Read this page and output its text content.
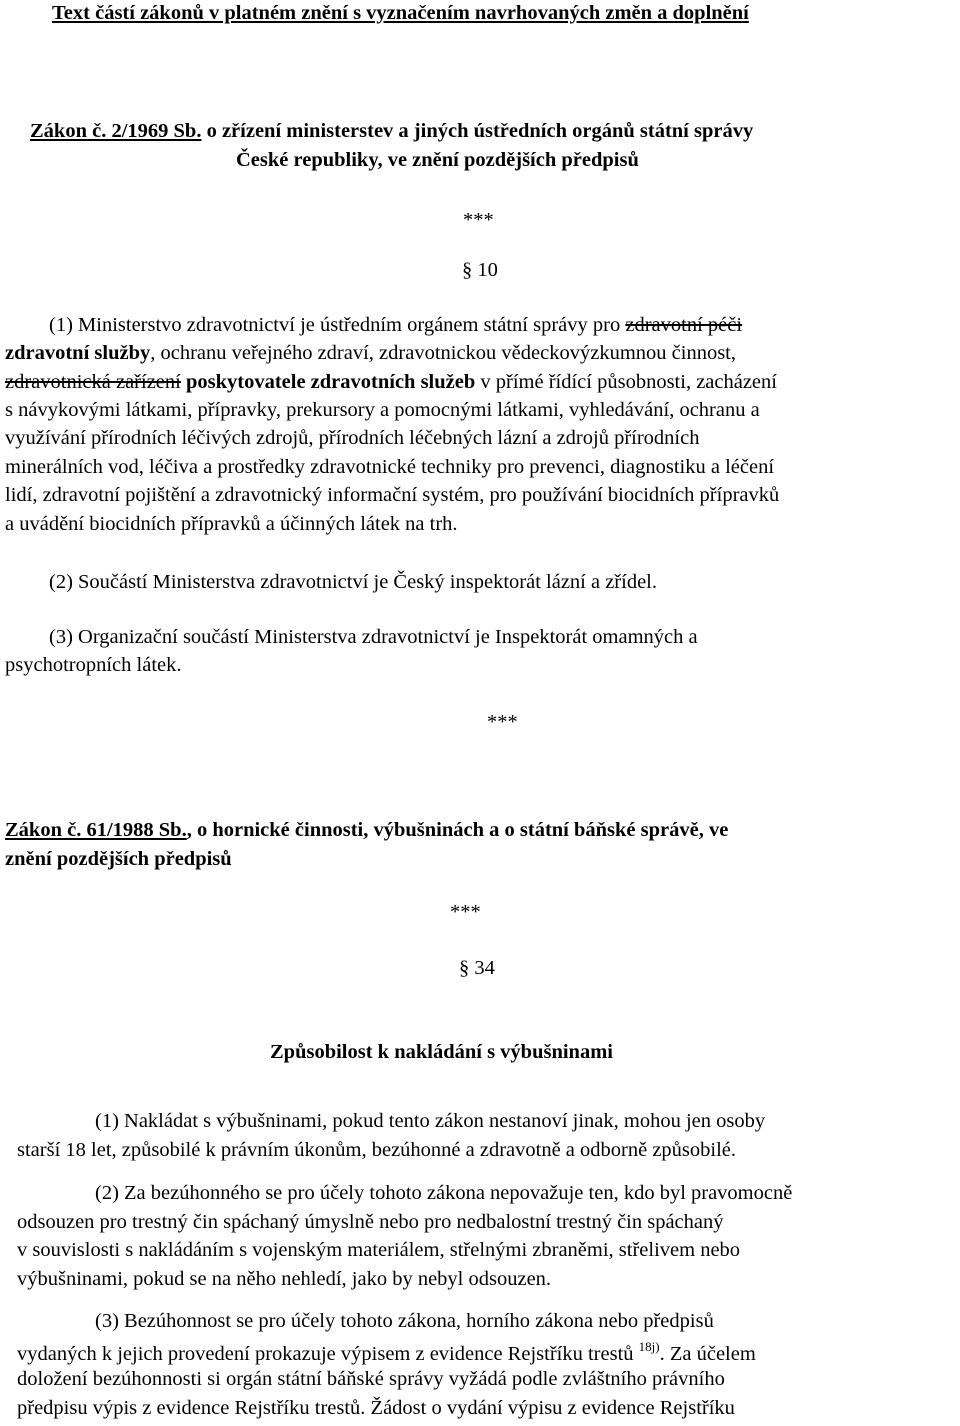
Text částí zákonů v platném znění s vyznačením navrhovaných změn a doplnění
Zákon č. 2/1969 Sb. o zřízení ministerstev a jiných ústředních orgánů státní správy
České republiky, ve znění pozdějších předpisů
***
§ 10
(1) Ministerstvo zdravotnictví je ústředním orgánem státní správy pro zdravotní péči
zdravotní služby, ochranu veřejného zdraví, zdravotnickou vědeckovýzkumnou činnost,
zdravotnická zařízení poskytovatele zdravotních služeb v přímé řídící působnosti, zacházení
s návykovými látkami, přípravky, prekursory a pomocnými látkami, vyhledávání, ochranu a
využívání přírodních léčivých zdrojů, přírodních léčebných lázní a zdrojů přírodních
minerálních vod, léčiva a prostředky zdravotnické techniky pro prevenci, diagnostiku a léčení
lidí, zdravotní pojištění a zdravotnický informační systém, pro používání biocidních přípravků
a uvádění biocidních přípravků a účinných látek na trh.
(2) Součástí Ministerstva zdravotnictví je Český inspektorát lázní a zřídel.
(3) Organizační součástí Ministerstva zdravotnictví je Inspektorát omamných a
psychotropních látek.
***
Zákon č. 61/1988 Sb., o hornické činnosti, výbušninách a o státní báňské správě, ve
znění pozdějších předpisů
***
§ 34
Způsobilost k nakládání s výbušninami
(1) Nakládat s výbušninami, pokud tento zákon nestanoví jinak, mohou jen osoby
starší 18 let, způsobilé k právním úkonům, bezúhonné a zdravotně a odborně způsobilé.
(2) Za bezúhonného se pro účely tohoto zákona nepovažuje ten, kdo byl pravomocně
odsouzen pro trestný čin spáchaný úmyslně nebo pro nedbalostní trestný čin spáchaný
v souvislosti s nakládáním s vojenským materiálem, střelnými zbraněmi, střelivem nebo
výbušninami, pokud se na něho nehledí, jako by nebyl odsouzen.
(3) Bezúhonnost se pro účely tohoto zákona, horního zákona nebo předpisů
vydaných k jejich provedení prokazuje výpisem z evidence Rejstříku trestů $^{18j)}$. Za účelem
doložení bezúhonnosti si orgán státní báňské správy vyžádá podle zvláštního právního
předpisu výpis z evidence Rejstříku trestů. Žádost o vydání výpisu z evidence Rejstříku
